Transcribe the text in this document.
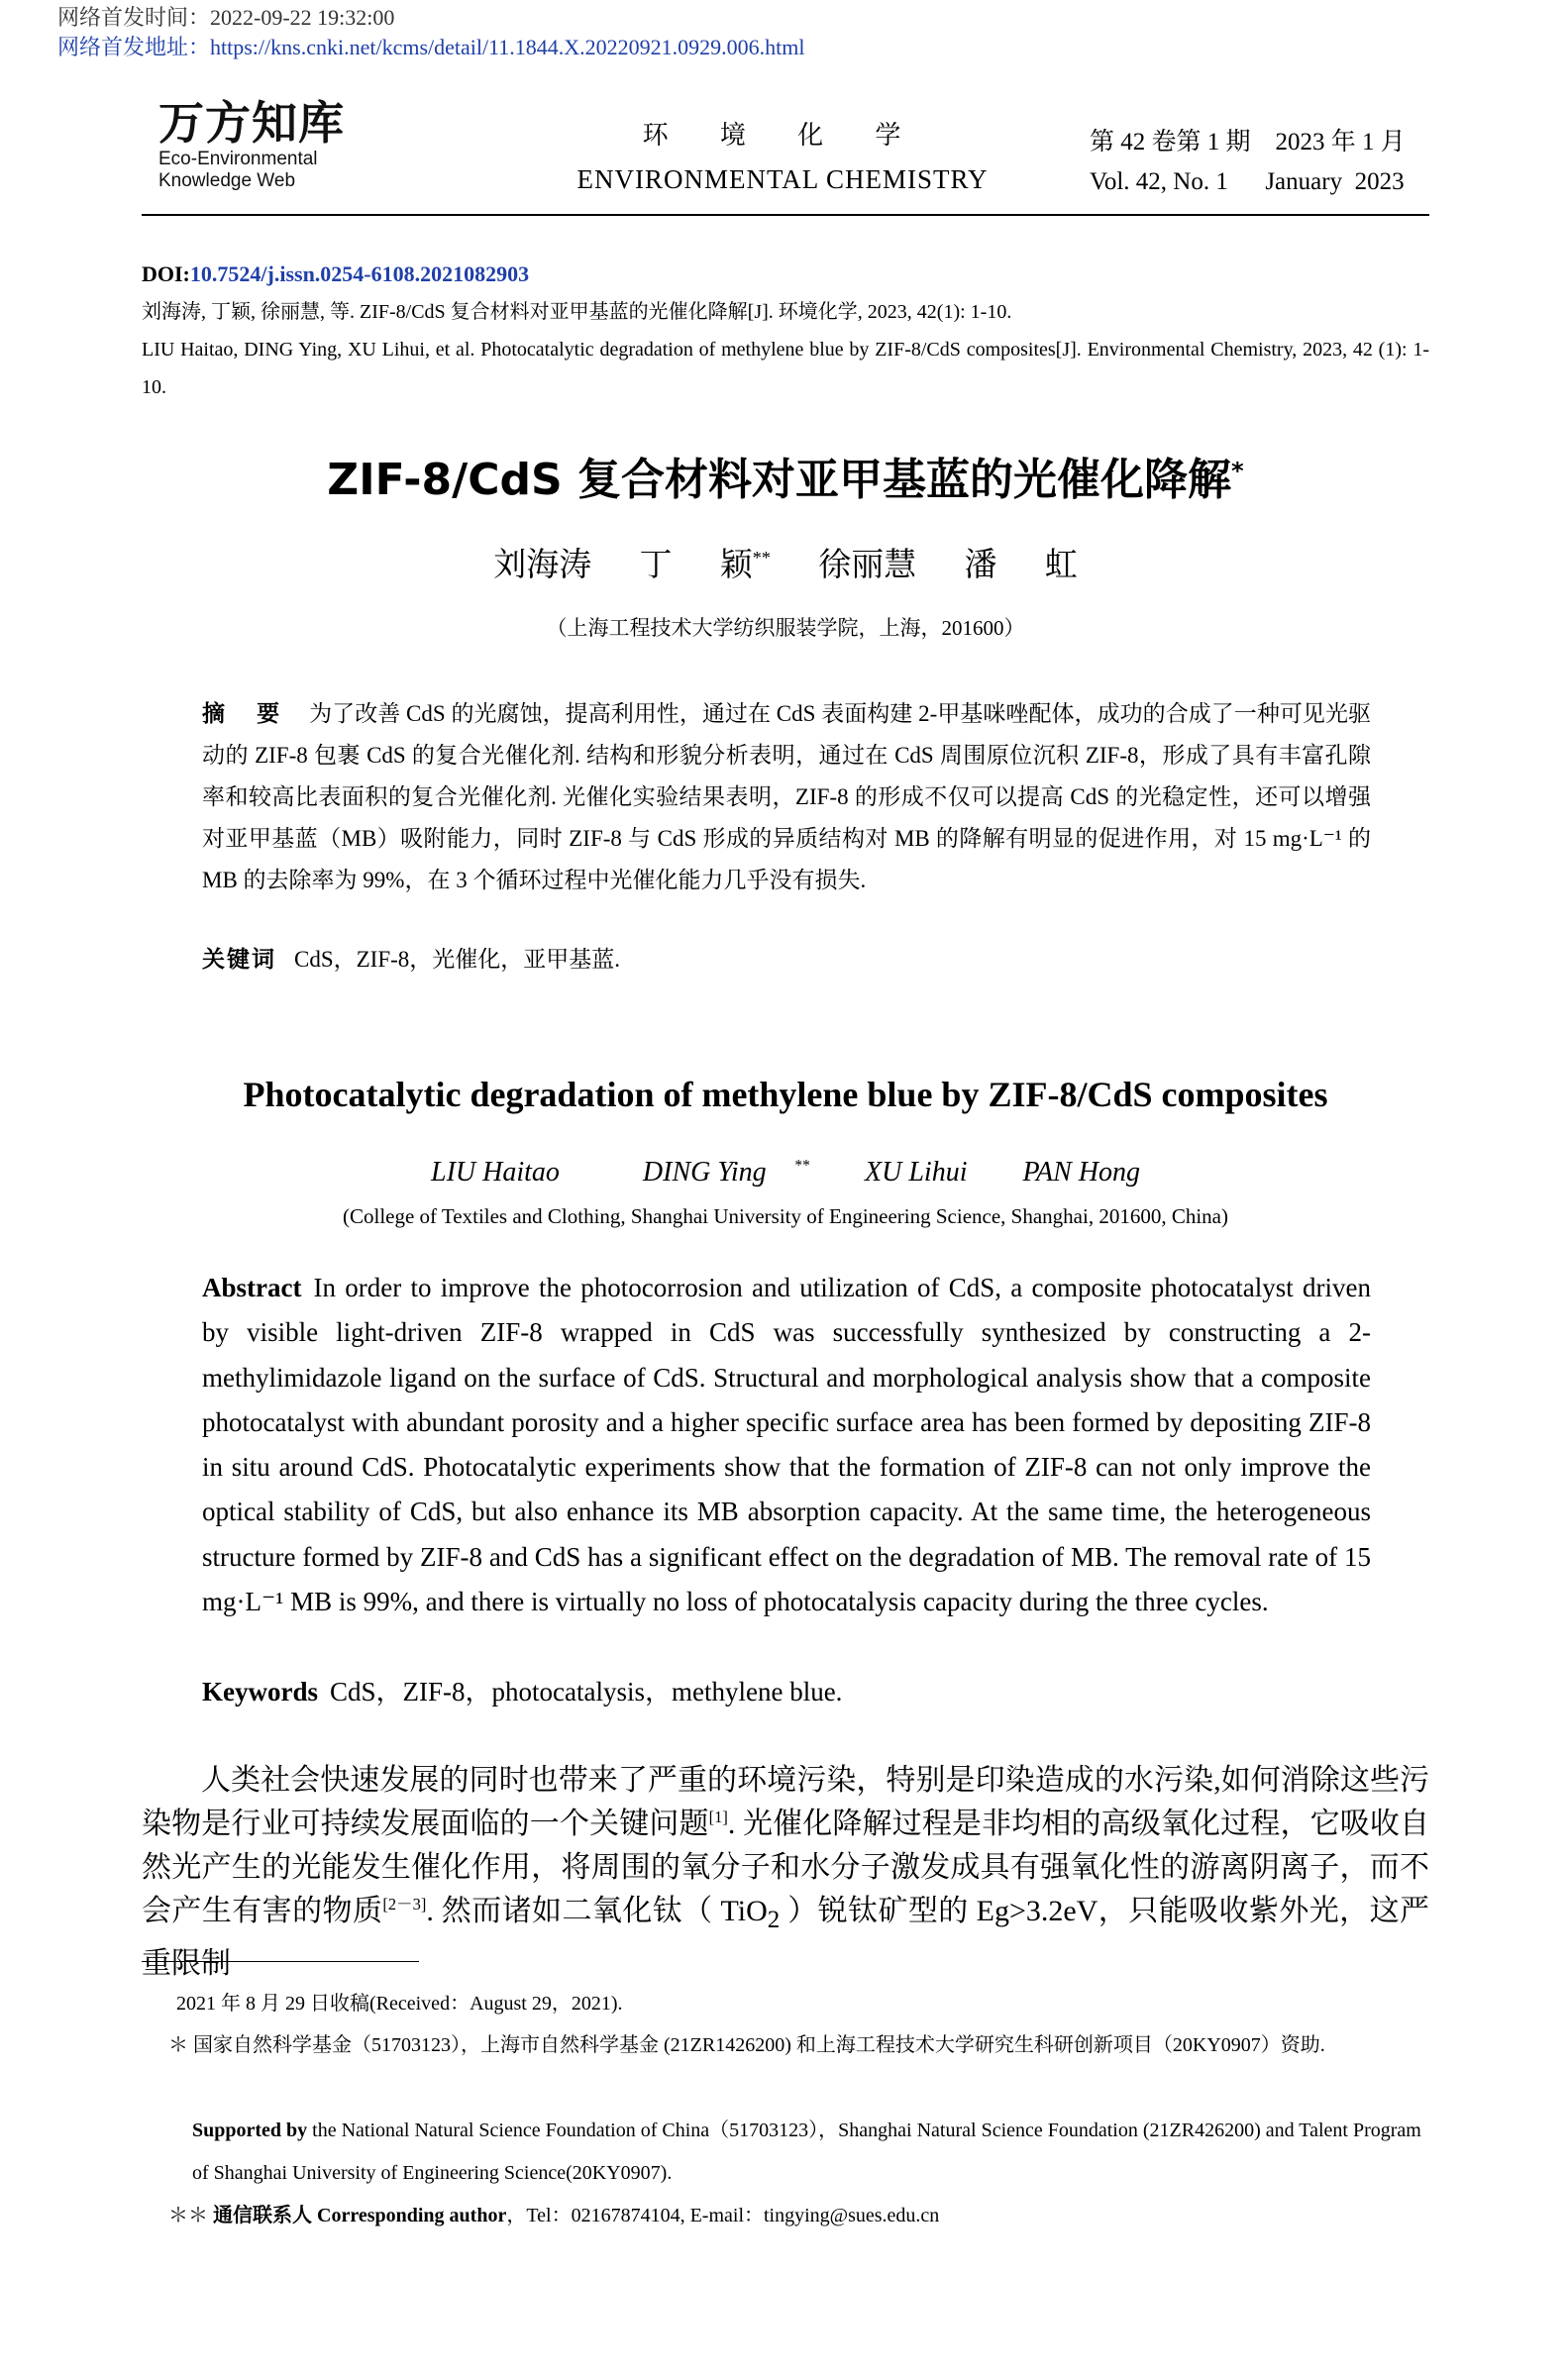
网络首发时间：2022-09-22 19:32:00
网络首发地址：https://kns.cnki.net/kcms/detail/11.1844.X.20220921.0929.006.html
万方知库
Eco-Environmental
Knowledge Web
环 境 化 学
ENVIRONMENTAL CHEMISTRY
第 42 卷第 1 期    2023 年 1 月
Vol. 42, No. 1      January  2023
DOI:10.7524/j.issn.0254-6108.2021082903
刘海涛, 丁颖, 徐丽慧, 等. ZIF-8/CdS 复合材料对亚甲基蓝的光催化降解[J]. 环境化学, 2023, 42(1): 1-10.
LIU Haitao, DING Ying, XU Lihui, et al. Photocatalytic degradation of methylene blue by ZIF-8/CdS composites[J]. Environmental Chemistry, 2023, 42 (1): 1-10.
ZIF-8/CdS 复合材料对亚甲基蓝的光催化降解*
刘海涛 丁 颖** 徐丽慧 潘 虹
（上海工程技术大学纺织服装学院，上海，201600）
摘 要 为了改善 CdS 的光腐蚀，提高利用性，通过在 CdS 表面构建 2-甲基咪唑配体，成功的合成了一种可见光驱动的 ZIF-8 包裹 CdS 的复合光催化剂. 结构和形貌分析表明，通过在 CdS 周围原位沉积 ZIF-8，形成了具有丰富孔隙率和较高比表面积的复合光催化剂. 光催化实验结果表明，ZIF-8 的形成不仅可以提高 CdS 的光稳定性，还可以增强对亚甲基蓝（MB）吸附能力，同时 ZIF-8 与 CdS 形成的异质结构对 MB 的降解有明显的促进作用，对 15 mg·L⁻¹ 的 MB 的去除率为 99%，在 3 个循环过程中光催化能力几乎没有损失.
关键词 CdS，ZIF-8，光催化，亚甲基蓝.
Photocatalytic degradation of methylene blue by ZIF-8/CdS composites
LIU Haitao	DING Ying ** XU Lihui PAN Hong
(College of Textiles and Clothing, Shanghai University of Engineering Science, Shanghai, 201600, China)
Abstract In order to improve the photocorrosion and utilization of CdS, a composite photocatalyst driven by visible light-driven ZIF-8 wrapped in CdS was successfully synthesized by constructing a 2-methylimidazole ligand on the surface of CdS. Structural and morphological analysis show that a composite photocatalyst with abundant porosity and a higher specific surface area has been formed by depositing ZIF-8 in situ around CdS. Photocatalytic experiments show that the formation of ZIF-8 can not only improve the optical stability of CdS, but also enhance its MB absorption capacity. At the same time, the heterogeneous structure formed by ZIF-8 and CdS has a significant effect on the degradation of MB. The removal rate of 15 mg·L⁻¹ MB is 99%, and there is virtually no loss of photocatalysis capacity during the three cycles.
Keywords CdS，ZIF-8，photocatalysis，methylene blue.
人类社会快速发展的同时也带来了严重的环境污染，特别是印染造成的水污染,如何消除这些污染物是行业可持续发展面临的一个关键问题[1]. 光催化降解过程是非均相的高级氧化过程，它吸收自然光产生的光能发生催化作用，将周围的氧分子和水分子激发成具有强氧化性的游离阴离子，而不会产生有害的物质[2－3]. 然而诸如二氧化钛（ TiO$_2$ ）锐钛矿型的 Eg>3.2eV，只能吸收紫外光，这严重限制
2021 年 8 月 29 日收稿(Received：August 29，2021).
＊ 国家自然科学基金（51703123），上海市自然科学基金 (21ZR1426200) 和上海工程技术大学研究生科研创新项目（20KY0907）资助.
Supported by the National Natural Science Foundation of China（51703123），Shanghai Natural Science Foundation (21ZR426200) and Talent Program of Shanghai University of Engineering Science(20KY0907).
＊＊ 通信联系人 Corresponding author，Tel：02167874104, E-mail：tingying@sues.edu.cn
